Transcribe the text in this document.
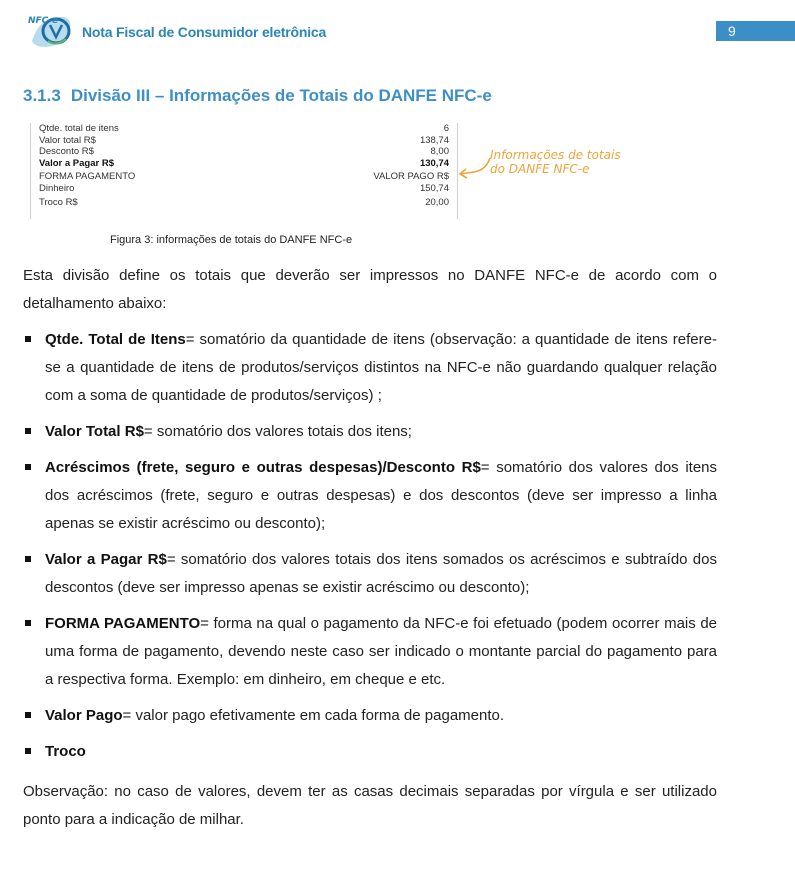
NFC-e
Nota Fiscal de Consumidor eletrônica	9
3.1.3 Divisão III – Informações de Totais do DANFE NFC-e
Qtde. total de itens	6
Valor total R$	138,74
Desconto R$	8,00
Valor a Pagar R$	130,74
FORMA PAGAMENTO	VALOR PAGO R$
Dinheiro	150,74
Troco R$	20,00
Informações de totais do DANFE NFC-e
Figura 3: informações de totais do DANFE NFC-e

Esta divisão define os totais que deverão ser impressos no DANFE NFC-e de acordo com o detalhamento abaixo:

Qtde. Total de Itens= somatório da quantidade de itens (observação: a quantidade de itens refere-se a quantidade de itens de produtos/serviços distintos na NFC-e não guardando qualquer relação com a soma de quantidade de produtos/serviços) ;
Valor Total R$= somatório dos valores totais dos itens;
Acréscimos (frete, seguro e outras despesas)/Desconto R$= somatório dos valores dos itens dos acréscimos (frete, seguro e outras despesas) e dos descontos (deve ser impresso a linha apenas se existir acréscimo ou desconto);
Valor a Pagar R$= somatório dos valores totais dos itens somados os acréscimos e subtraído dos descontos (deve ser impresso apenas se existir acréscimo ou desconto);
FORMA PAGAMENTO= forma na qual o pagamento da NFC-e foi efetuado (podem ocorrer mais de uma forma de pagamento, devendo neste caso ser indicado o montante parcial do pagamento para a respectiva forma. Exemplo: em dinheiro, em cheque e etc.
Valor Pago= valor pago efetivamente em cada forma de pagamento.
Troco

Observação: no caso de valores, devem ter as casas decimais separadas por vírgula e ser utilizado ponto para a indicação de milhar.
